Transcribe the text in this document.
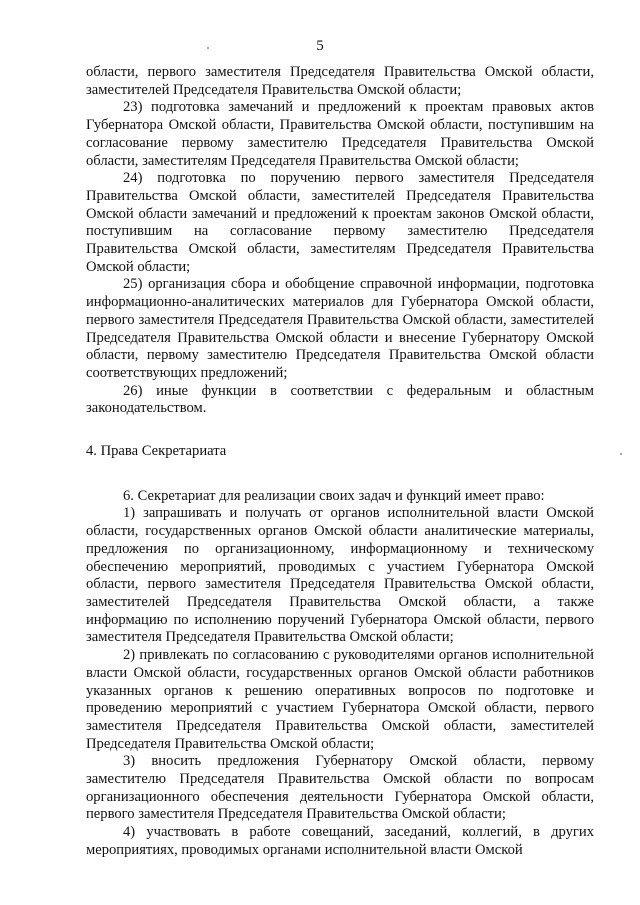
5

области, первого заместителя Председателя Правительства Омской области, заместителей Председателя Правительства Омской области;

23) подготовка замечаний и предложений к проектам правовых актов Губернатора Омской области, Правительства Омской области, поступившим на согласование первому заместителю Председателя Правительства Омской области, заместителям Председателя Правительства Омской области;

24) подготовка по поручению первого заместителя Председателя Правительства Омской области, заместителей Председателя Правительства Омской области замечаний и предложений к проектам законов Омской области, поступившим на согласование первому заместителю Председателя Правительства Омской области, заместителям Председателя Правительства Омской области;

25) организация сбора и обобщение справочной информации, подготовка информационно-аналитических материалов для Губернатора Омской области, первого заместителя Председателя Правительства Омской области, заместителей Председателя Правительства Омской области и внесение Губернатору Омской области, первому заместителю Председателя Правительства Омской области соответствующих предложений;

26) иные функции в соответствии с федеральным и областным законодательством.

4. Права Секретариата

6. Секретариат для реализации своих задач и функций имеет право:

1) запрашивать и получать от органов исполнительной власти Омской области, государственных органов Омской области аналитические материалы, предложения по организационному, информационному и техническому обеспечению мероприятий, проводимых с участием Губернатора Омской области, первого заместителя Председателя Правительства Омской области, заместителей Председателя Правительства Омской области, а также информацию по исполнению поручений Губернатора Омской области, первого заместителя Председателя Правительства Омской области;

2) привлекать по согласованию с руководителями органов исполнительной власти Омской области, государственных органов Омской области работников указанных органов к решению оперативных вопросов по подготовке и проведению мероприятий с участием Губернатора Омской области, первого заместителя Председателя Правительства Омской области, заместителей Председателя Правительства Омской области;

3) вносить предложения Губернатору Омской области, первому заместителю Председателя Правительства Омской области по вопросам организационного обеспечения деятельности Губернатора Омской области, первого заместителя Председателя Правительства Омской области;

4) участвовать в работе совещаний, заседаний, коллегий, в других мероприятиях, проводимых органами исполнительной власти Омской
